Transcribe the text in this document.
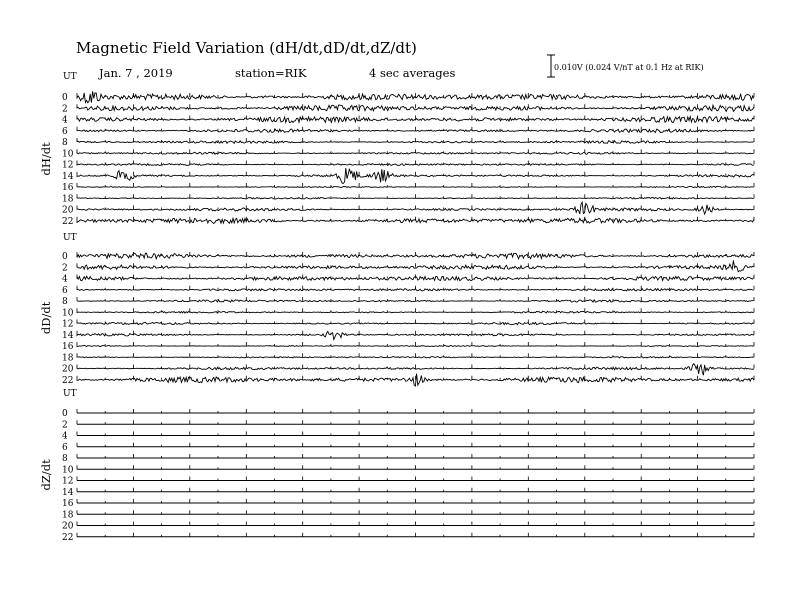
Magnetic Field Variation (dH/dt,dD/dt,dZ/dt)
Jan. 7 , 2019	station=RIK	4 sec averages	0.010V (0.024 V/nT at 0.1 Hz at RIK)
UT
dH/dt
0
2
4
6
8
10
12
14
16
18
20
22
UT
dD/dt
0
2
4
6
8
10
12
14
16
18
20
22
UT
dZ/dt
0
2
4
6
8
10
12
14
16
18
20
22
